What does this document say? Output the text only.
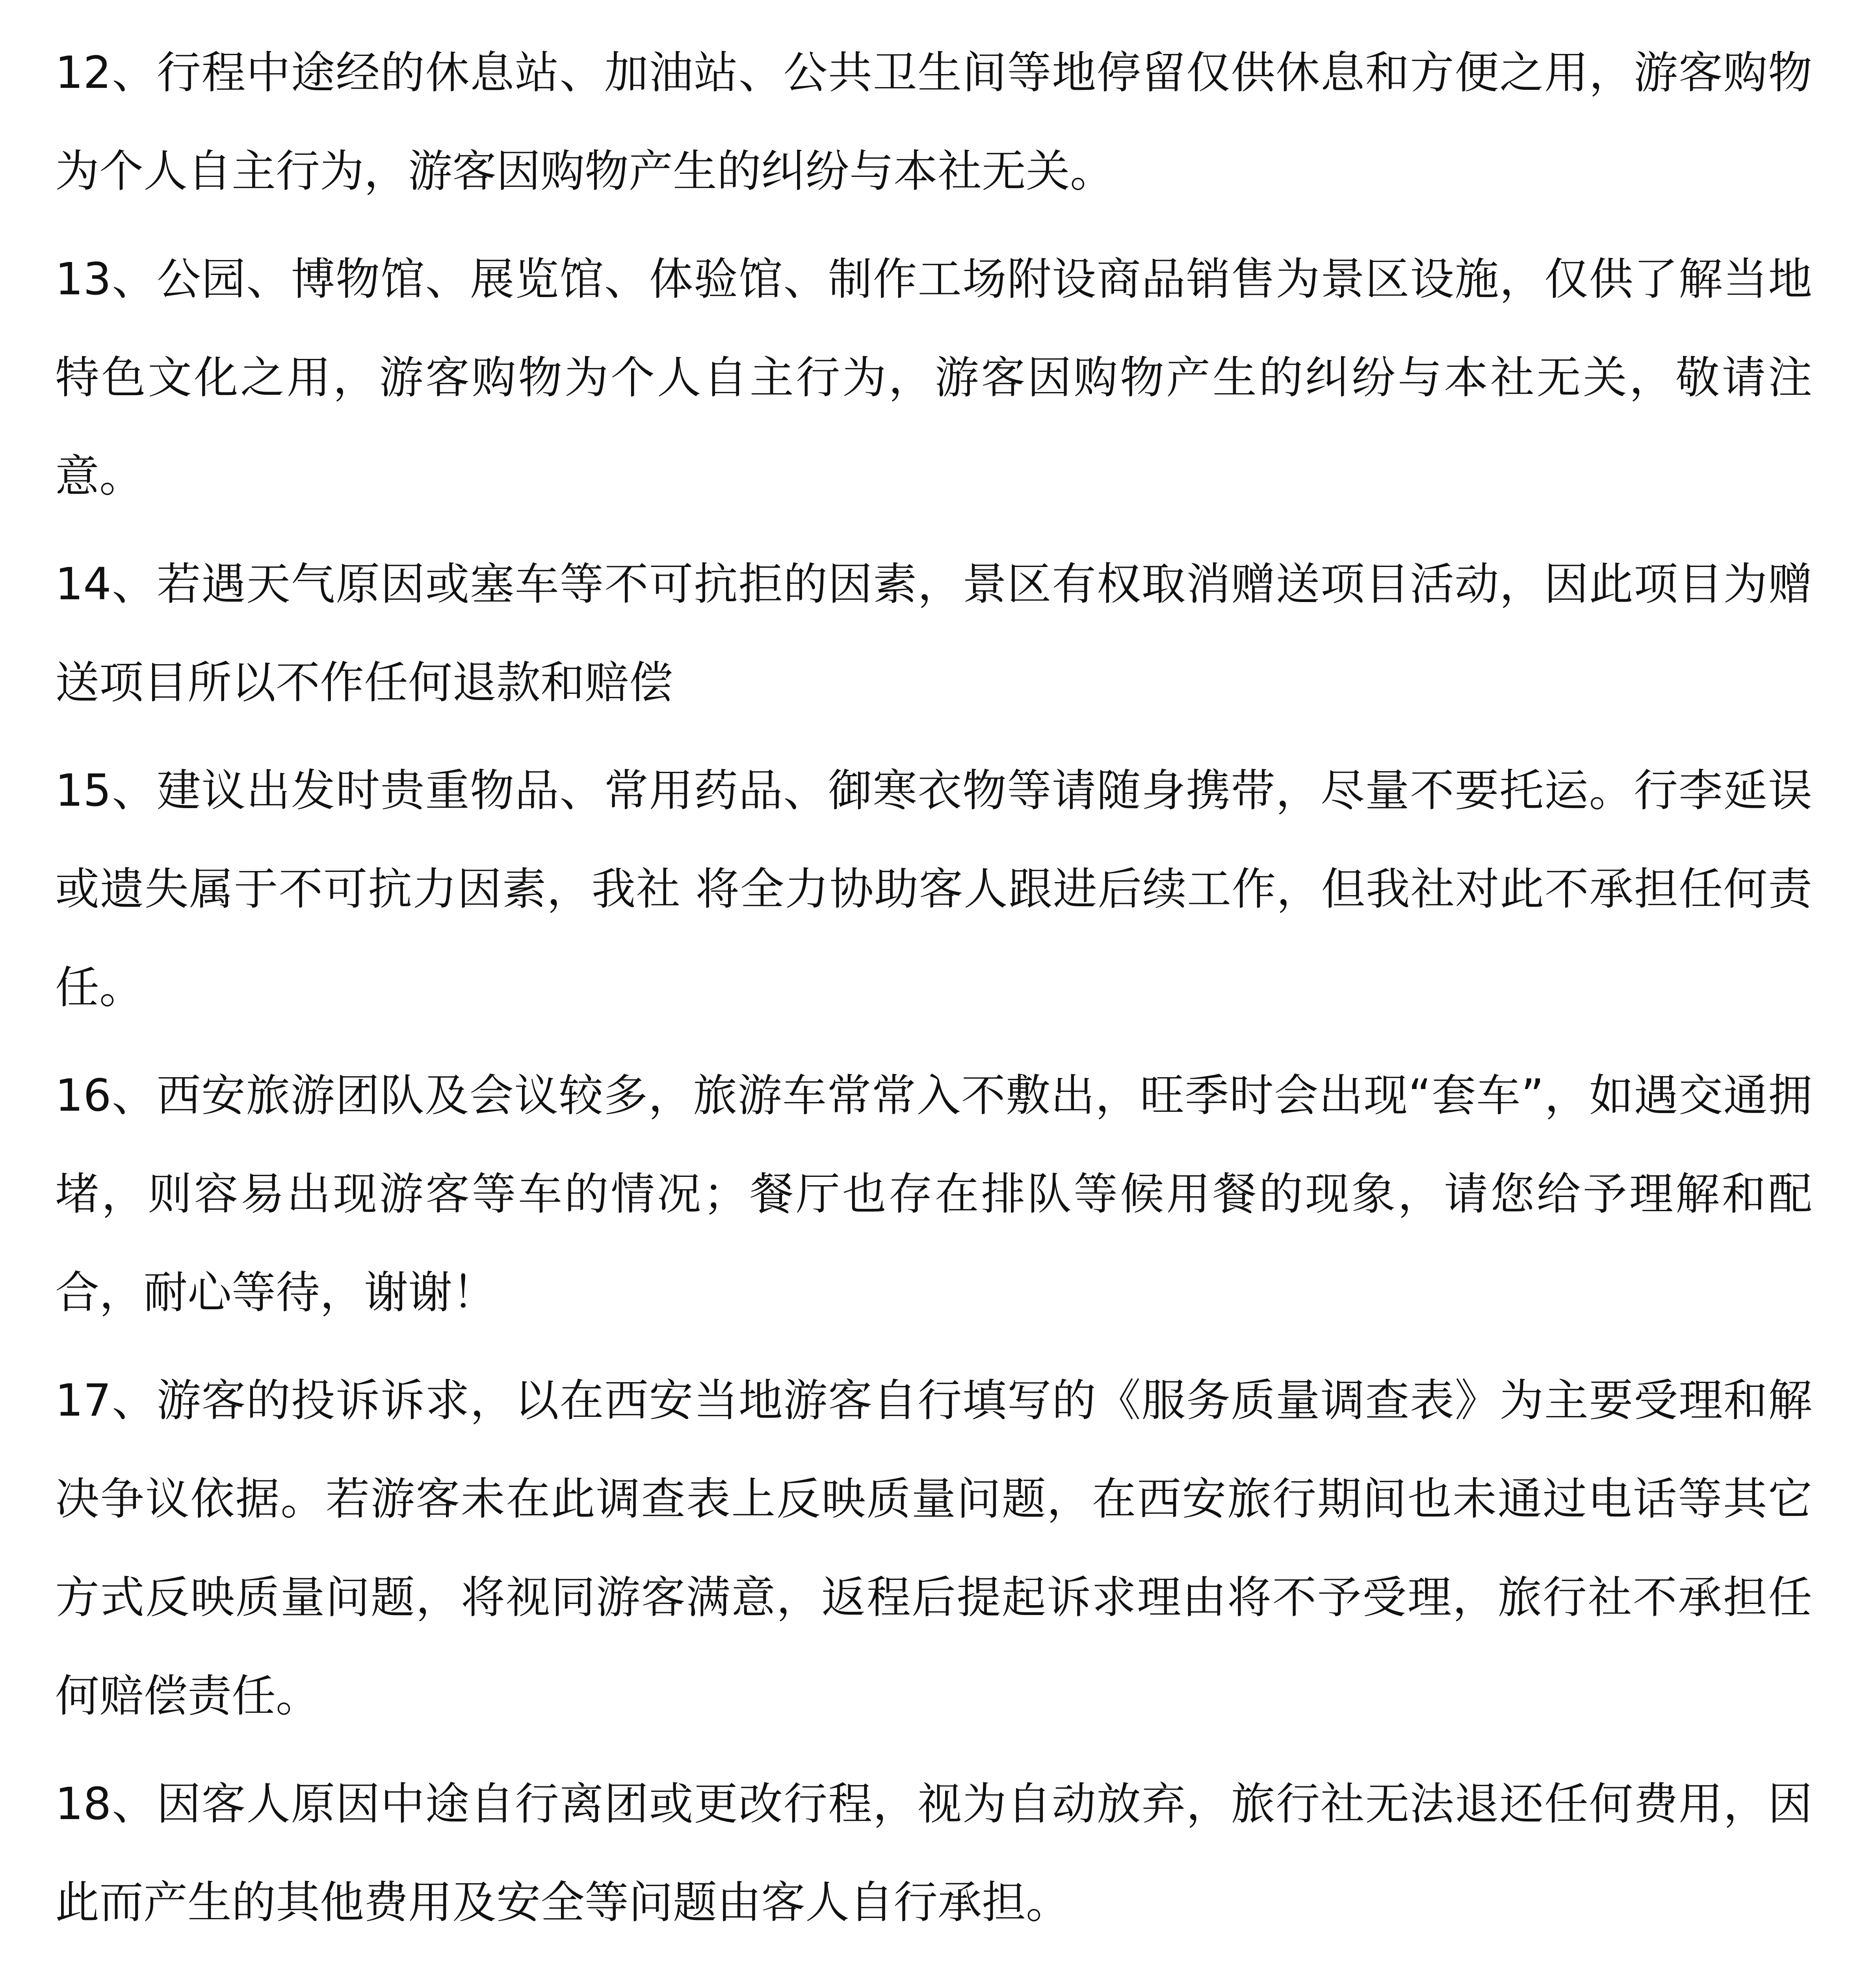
12、行程中途经的休息站、加油站、公共卫生间等地停留仅供休息和方便之用，游客购物为个人自主行为，游客因购物产生的纠纷与本社无关。

13、公园、博物馆、展览馆、体验馆、制作工场附设商品销售为景区设施，仅供了解当地特色文化之用，游客购物为个人自主行为，游客因购物产生的纠纷与本社无关，敬请注意。

14、若遇天气原因或塞车等不可抗拒的因素，景区有权取消赠送项目活动，因此项目为赠送项目所以不作任何退款和赔偿

15、建议出发时贵重物品、常用药品、御寒衣物等请随身携带，尽量不要托运。行李延误或遗失属于不可抗力因素，我社 将全力协助客人跟进后续工作，但我社对此不承担任何责任。

16、西安旅游团队及会议较多，旅游车常常入不敷出，旺季时会出现“套车”，如遇交通拥堵，则容易出现游客等车的情况；餐厅也存在排队等候用餐的现象，请您给予理解和配合，耐心等待，谢谢！

17、游客的投诉诉求，以在西安当地游客自行填写的《服务质量调查表》为主要受理和解决争议依据。若游客未在此调查表上反映质量问题，在西安旅行期间也未通过电话等其它方式反映质量问题，将视同游客满意，返程后提起诉求理由将不予受理，旅行社不承担任何赔偿责任。

18、因客人原因中途自行离团或更改行程，视为自动放弃，旅行社无法退还任何费用，因此而产生的其他费用及安全等问题由客人自行承担。
